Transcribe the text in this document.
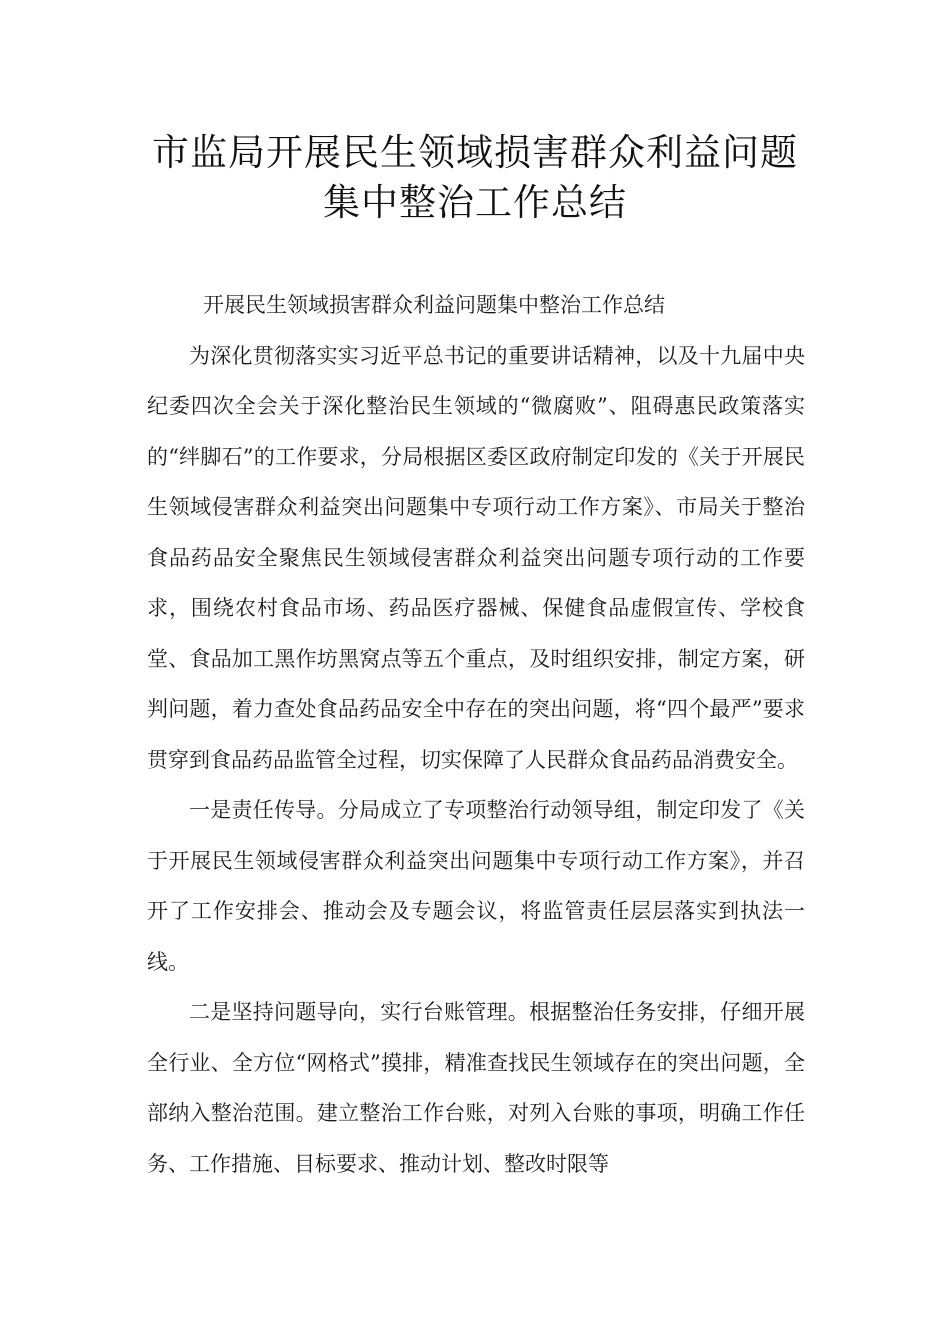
市监局开展民生领域损害群众利益问题
集中整治工作总结

开展民生领域损害群众利益问题集中整治工作总结

为深化贯彻落实实习近平总书记的重要讲话精神，以及十九届中央纪委四次全会关于深化整治民生领域的“微腐败”、阻碍惠民政策落实的“绊脚石”的工作要求，分局根据区委区政府制定印发的《关于开展民生领域侵害群众利益突出问题集中专项行动工作方案》、市局关于整治食品药品安全聚焦民生领域侵害群众利益突出问题专项行动的工作要求，围绕农村食品市场、药品医疗器械、保健食品虚假宣传、学校食堂、食品加工黑作坊黑窝点等五个重点，及时组织安排，制定方案，研判问题，着力查处食品药品安全中存在的突出问题，将“四个最严”要求贯穿到食品药品监管全过程，切实保障了人民群众食品药品消费安全。

一是责任传导。分局成立了专项整治行动领导组，制定印发了《关于开展民生领域侵害群众利益突出问题集中专项行动工作方案》，并召开了工作安排会、推动会及专题会议，将监管责任层层落实到执法一线。

二是坚持问题导向，实行台账管理。根据整治任务安排，仔细开展全行业、全方位“网格式”摸排，精准查找民生领域存在的突出问题，全部纳入整治范围。建立整治工作台账，对列入台账的事项，明确工作任务、工作措施、目标要求、推动计划、整改时限等
